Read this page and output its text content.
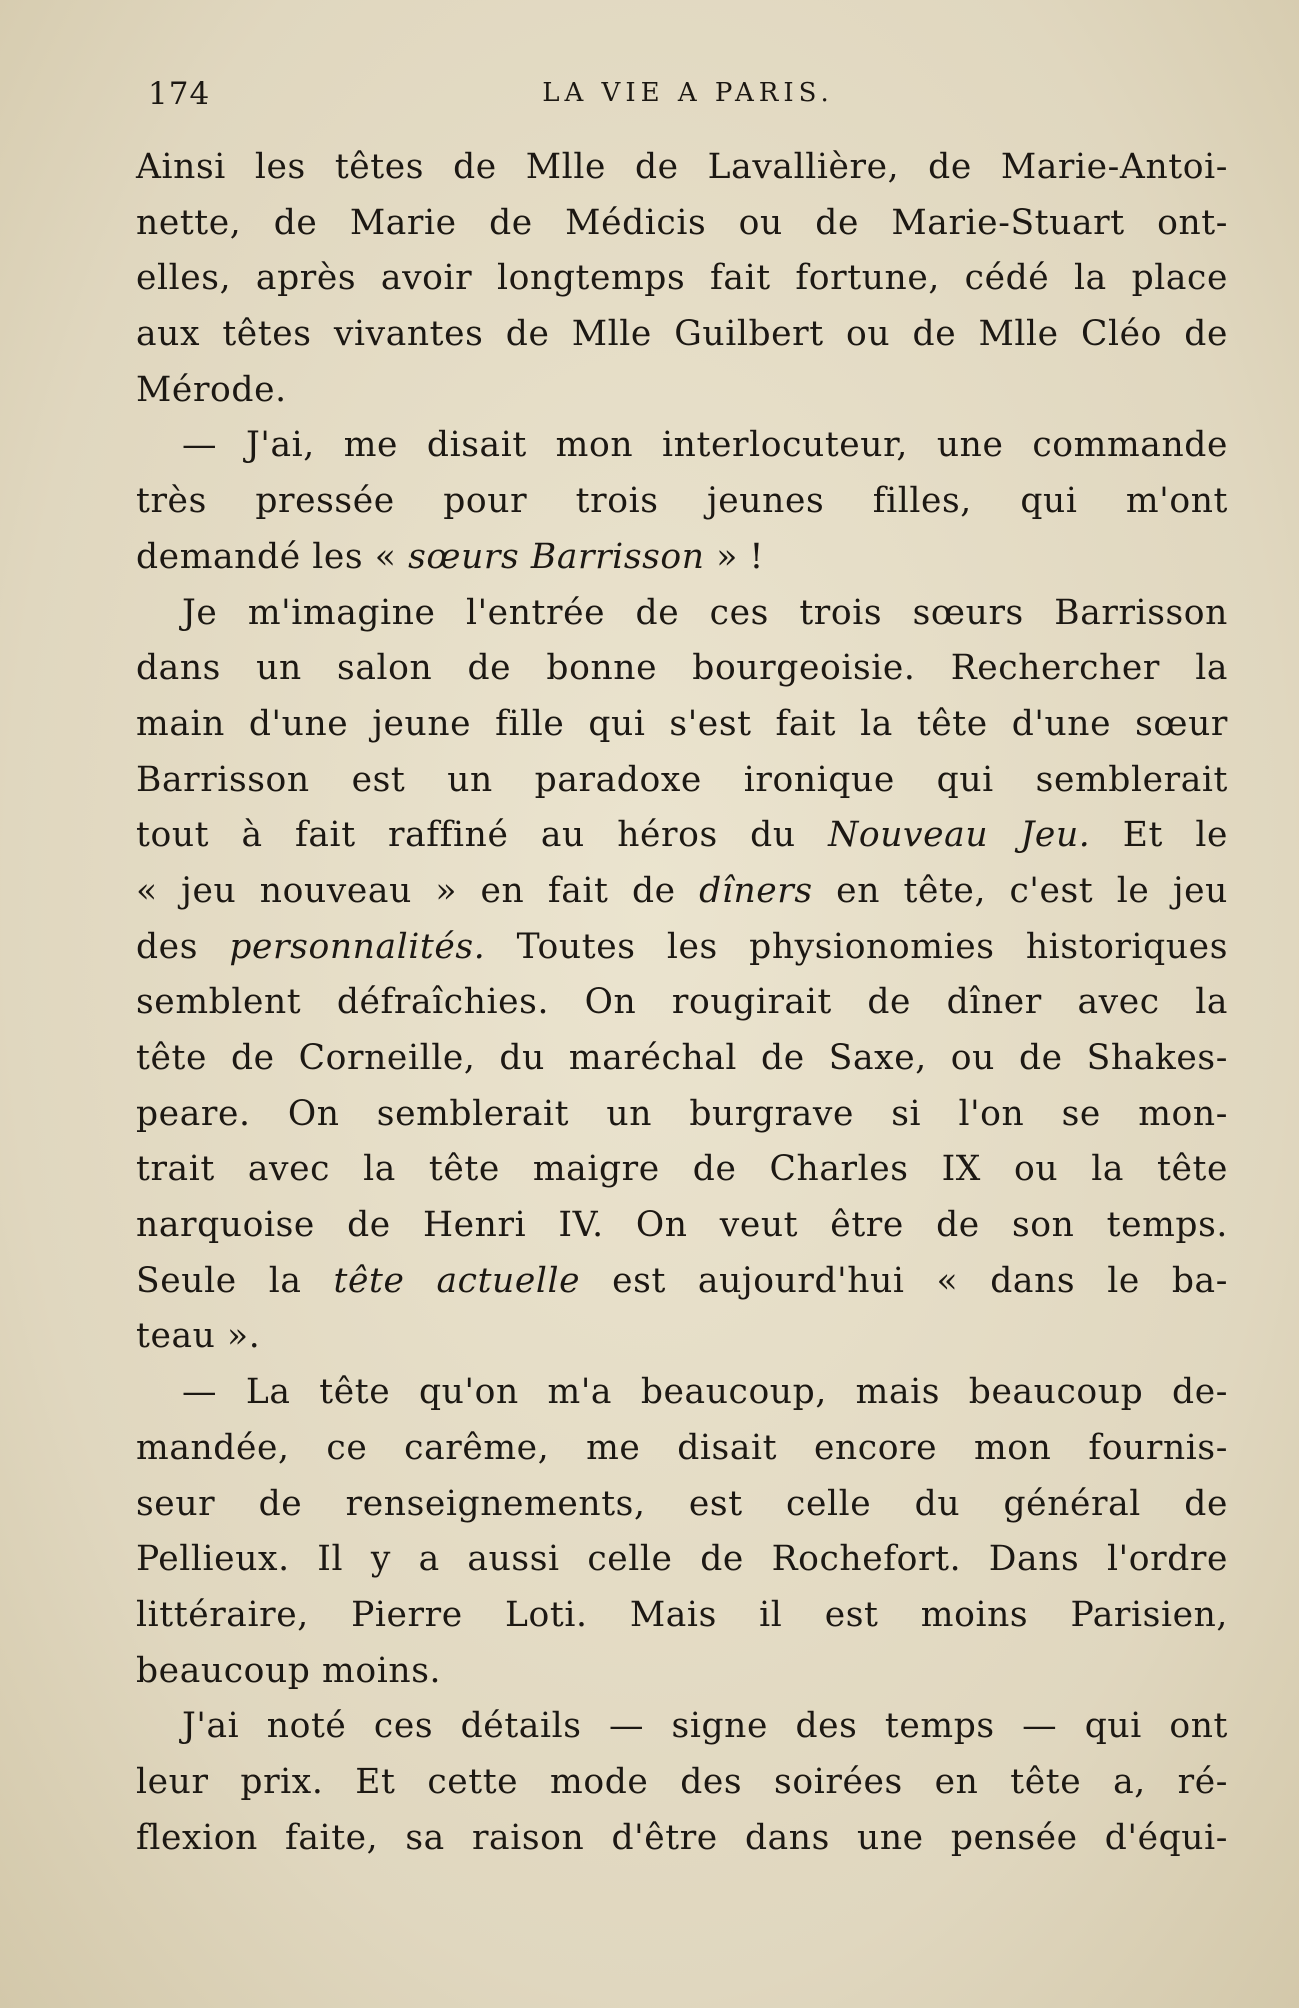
174	LA VIE A PARIS.
Ainsi les têtes de Mlle de Lavallière, de Marie-Antoi-
nette, de Marie de Médicis ou de Marie-Stuart ont-
elles, après avoir longtemps fait fortune, cédé la place
aux têtes vivantes de Mlle Guilbert ou de Mlle Cléo de
Mérode.
— J'ai, me disait mon interlocuteur, une commande
très pressée pour trois jeunes filles, qui m'ont
demandé les « sœurs Barrisson » !
Je m'imagine l'entrée de ces trois sœurs Barrisson
dans un salon de bonne bourgeoisie. Rechercher la
main d'une jeune fille qui s'est fait la tête d'une sœur
Barrisson est un paradoxe ironique qui semblerait
tout à fait raffiné au héros du Nouveau Jeu. Et le
« jeu nouveau » en fait de dîners en tête, c'est le jeu
des personnalités. Toutes les physionomies historiques
semblent défraîchies. On rougirait de dîner avec la
tête de Corneille, du maréchal de Saxe, ou de Shakes-
peare. On semblerait un burgrave si l'on se mon-
trait avec la tête maigre de Charles IX ou la tête
narquoise de Henri IV. On veut être de son temps.
Seule la tête actuelle est aujourd'hui « dans le ba-
teau ».
— La tête qu'on m'a beaucoup, mais beaucoup de-
mandée, ce carême, me disait encore mon fournis-
seur de renseignements, est celle du général de
Pellieux. Il y a aussi celle de Rochefort. Dans l'ordre
littéraire, Pierre Loti. Mais il est moins Parisien,
beaucoup moins.
J'ai noté ces détails — signe des temps — qui ont
leur prix. Et cette mode des soirées en tête a, ré-
flexion faite, sa raison d'être dans une pensée d'équi-
